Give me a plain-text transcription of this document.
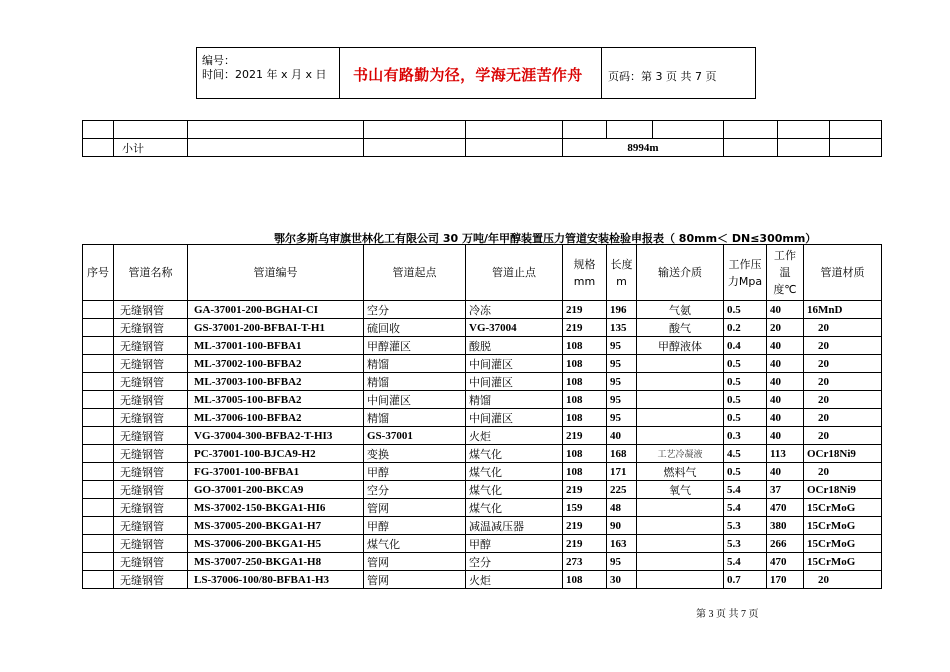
编号：
时间：2021 年 x 月 x 日 书山有路勤为径，学海无涯苦作舟 页码：第 3 页 共 7 页

	小计				8994m					
鄂尔多斯乌审旗世林化工有限公司 30 万吨/年甲醇装置压力管道安装检验申报表（ 80mm＜ DN≤300mm）
序号	管道名称	管道编号	管道起点	管道止点	规格mm	长度m	输送介质	工作压力Mpa	工作温度℃	管道材质
	无缝钢管	GA-37001-200-BGHAI-CI	空分	冷冻	219	196	气氨	0.5	40	16MnD
	无缝钢管	GS-37001-200-BFBAI-T-H1	硫回收	VG-37004	219	135	酸气	0.2	20	20
	无缝钢管	ML-37001-100-BFBA1	甲醇灌区	酸脱	108	95	甲醇液体	0.4	40	20
	无缝钢管	ML-37002-100-BFBA2	精馏	中间灌区	108	95		0.5	40	20
	无缝钢管	ML-37003-100-BFBA2	精馏	中间灌区	108	95		0.5	40	20
	无缝钢管	ML-37005-100-BFBA2	中间灌区	精馏	108	95		0.5	40	20
	无缝钢管	ML-37006-100-BFBA2	精馏	中间灌区	108	95		0.5	40	20
	无缝钢管	VG-37004-300-BFBA2-T-HI3	GS-37001	火炬	219	40		0.3	40	20
	无缝钢管	PC-37001-100-BJCA9-H2	变换	煤气化	108	168	工艺冷凝液	4.5	113	OCr18Ni9
	无缝钢管	FG-37001-100-BFBA1	甲醇	煤气化	108	171	燃料气	0.5	40	20
	无缝钢管	GO-37001-200-BKCA9	空分	煤气化	219	225	氧气	5.4	37	OCr18Ni9
	无缝钢管	MS-37002-150-BKGA1-HI6	管网	煤气化	159	48		5.4	470	15CrMoG
	无缝钢管	MS-37005-200-BKGA1-H7	甲醇	减温减压器	219	90		5.3	380	15CrMoG
	无缝钢管	MS-37006-200-BKGA1-H5	煤气化	甲醇	219	163		5.3	266	15CrMoG
	无缝钢管	MS-37007-250-BKGA1-H8	管网	空分	273	95		5.4	470	15CrMoG
	无缝钢管	LS-37006-100/80-BFBA1-H3	管网	火炬	108	30		0.7	170	20
第 3 页 共 7 页
